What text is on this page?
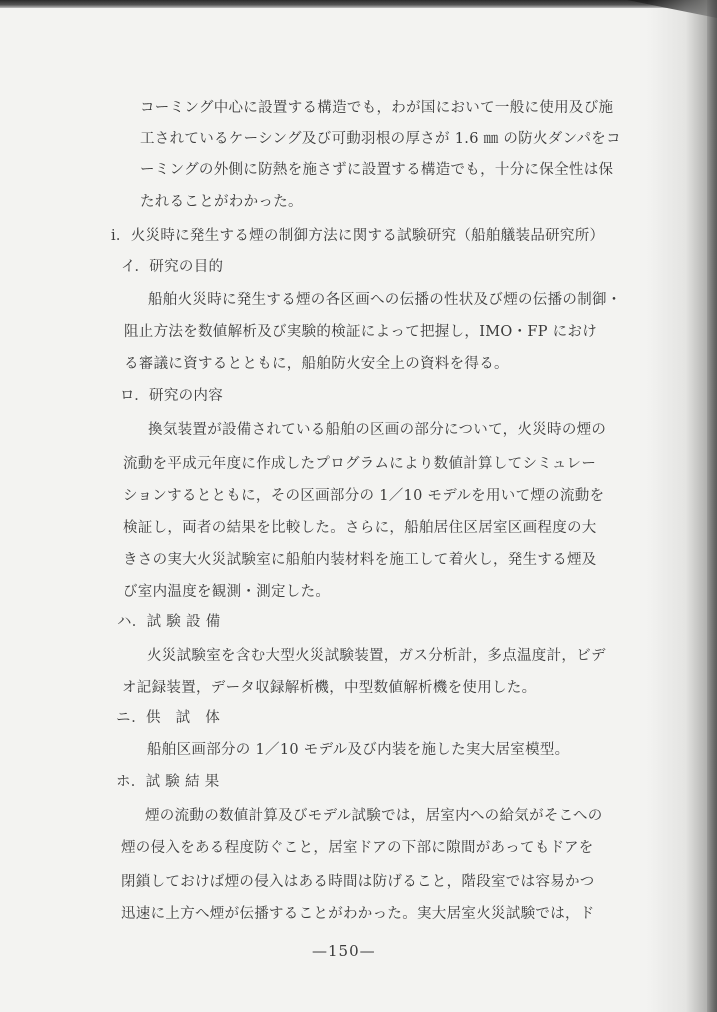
コーミング中心に設置する構造でも，わが国において一般に使用及び施
工されているケーシング及び可動羽根の厚さが 1.6 ㎜ の防火ダンパをコ
ーミングの外側に防熱を施さずに設置する構造でも，十分に保全性は保
たれることがわかった。
i．火災時に発生する煙の制御方法に関する試験研究（船舶艤装品研究所）
イ．研究の目的
船舶火災時に発生する煙の各区画への伝播の性状及び煙の伝播の制御・
阻止方法を数値解析及び実験的検証によって把握し，IMO・FP におけ
る審議に資するとともに，船舶防火安全上の資料を得る。
ロ．研究の内容
換気装置が設備されている船舶の区画の部分について，火災時の煙の
流動を平成元年度に作成したプログラムにより数値計算してシミュレー
ションするとともに，その区画部分の 1／10 モデルを用いて煙の流動を
検証し，両者の結果を比較した。さらに，船舶居住区居室区画程度の大
きさの実大火災試験室に船舶内装材料を施工して着火し，発生する煙及
び室内温度を観測・測定した。
ハ．試 験 設 備
火災試験室を含む大型火災試験装置，ガス分析計，多点温度計，ビデ
オ記録装置，データ収録解析機，中型数値解析機を使用した。
ニ．供　試　体
船舶区画部分の 1／10 モデル及び内装を施した実大居室模型。
ホ．試 験 結 果
煙の流動の数値計算及びモデル試験では，居室内への給気がそこへの
煙の侵入をある程度防ぐこと，居室ドアの下部に隙間があってもドアを
閉鎖しておけば煙の侵入はある時間は防げること，階段室では容易かつ
迅速に上方へ煙が伝播することがわかった。実大居室火災試験では，ド
—150—
